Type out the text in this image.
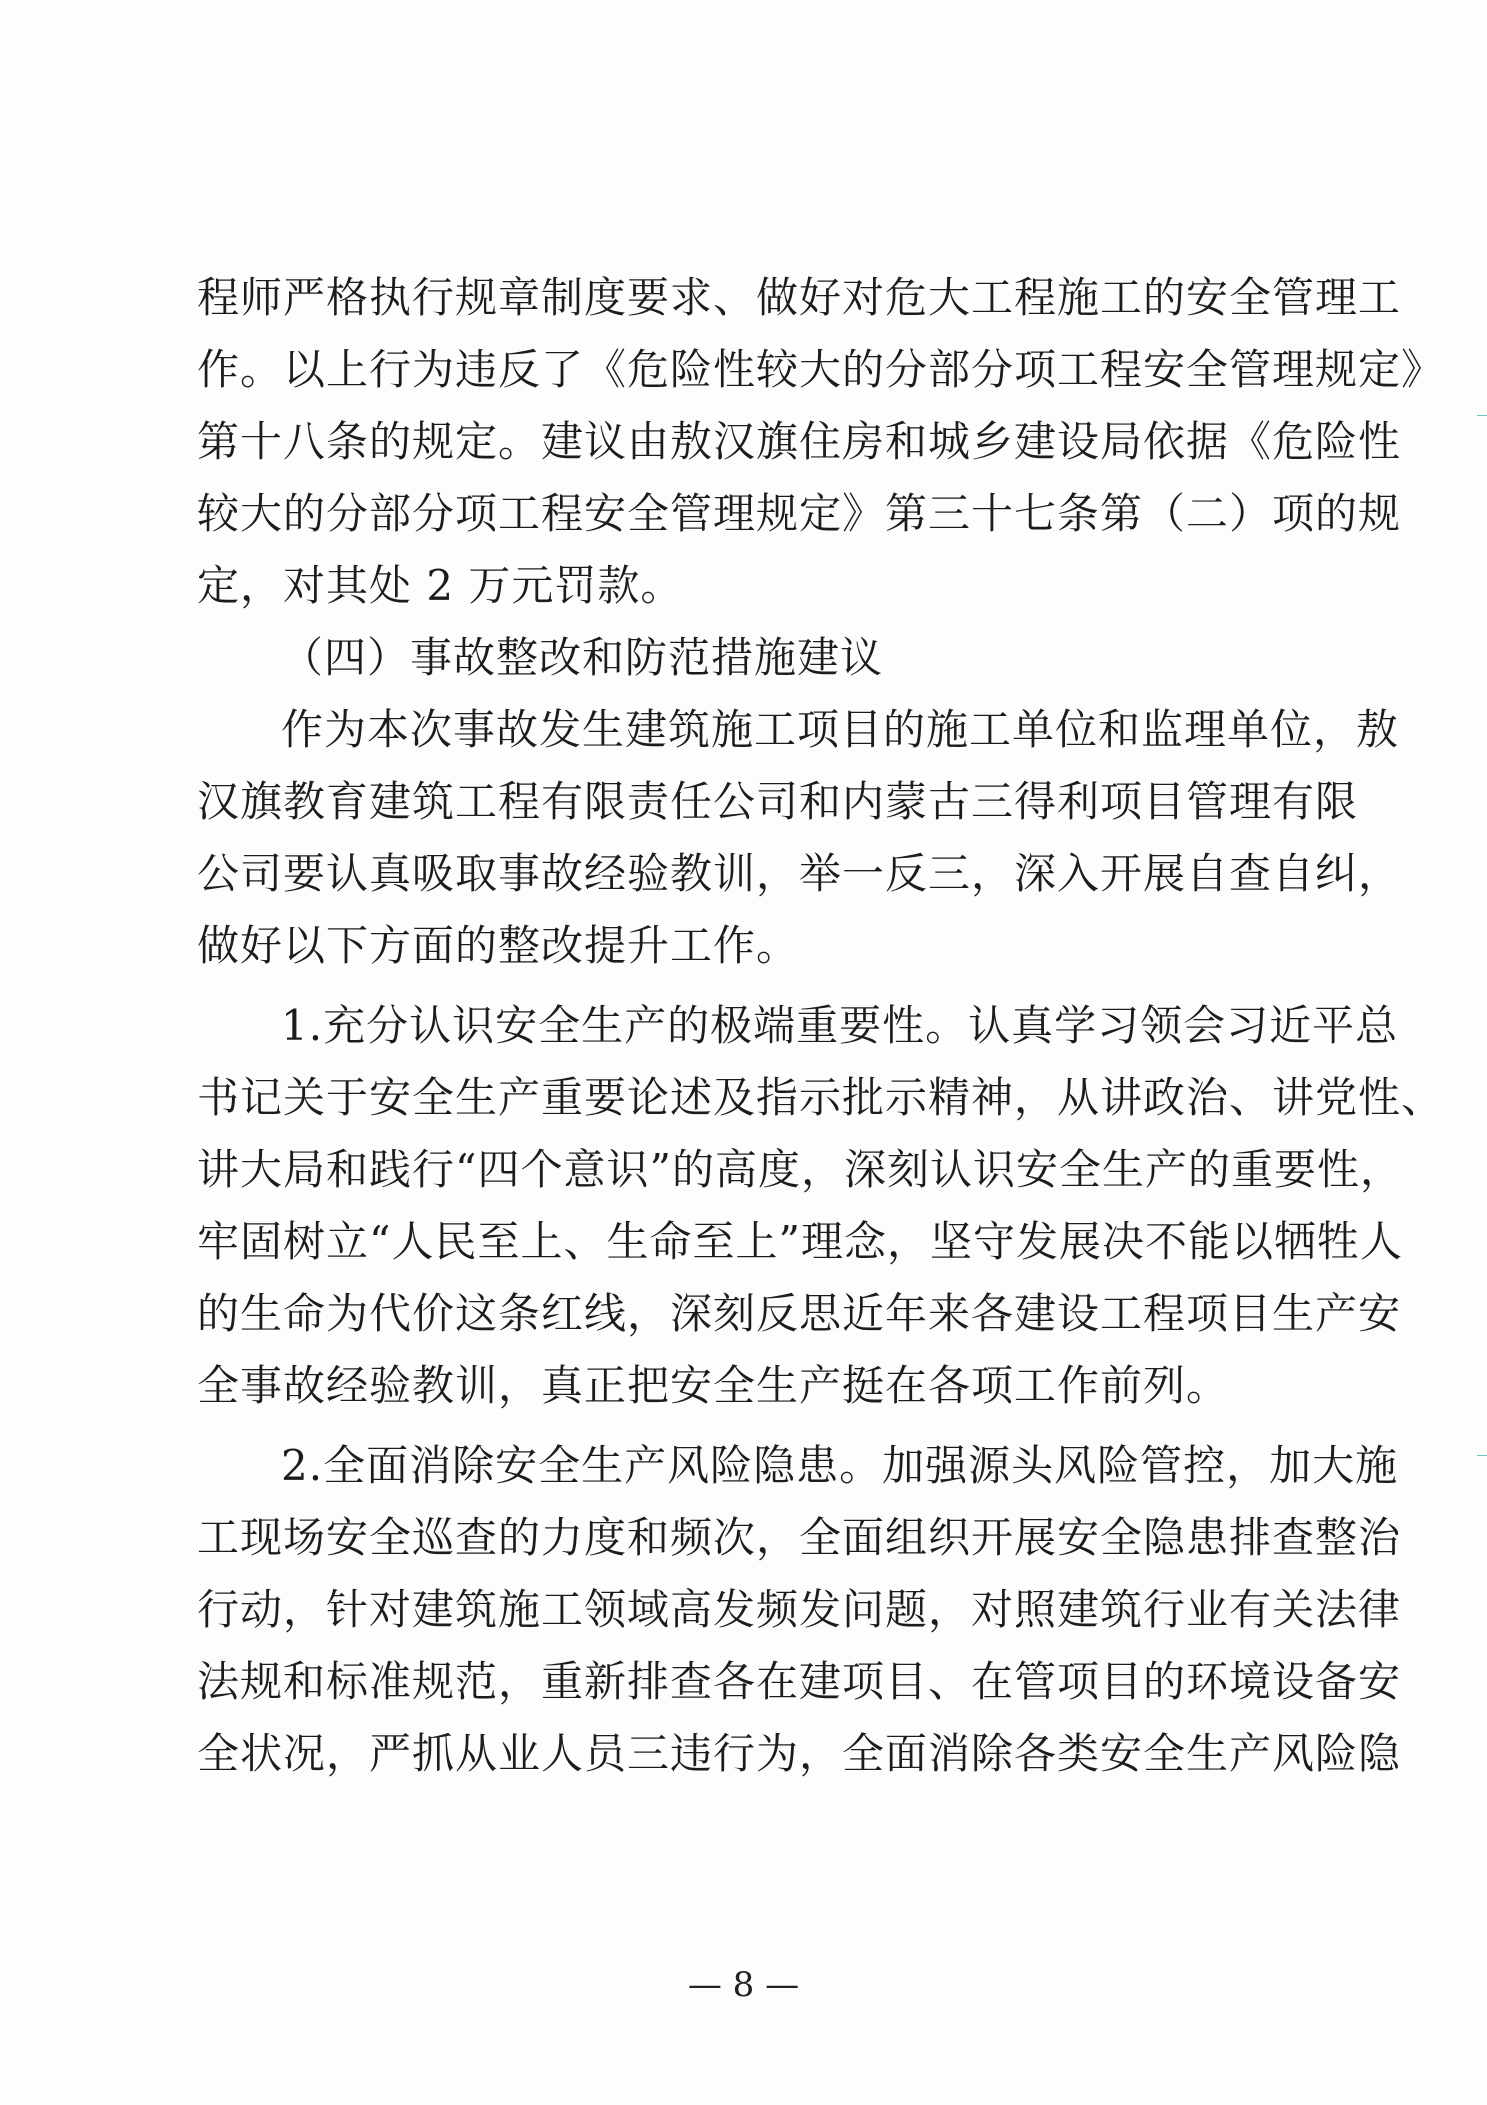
程师严格执行规章制度要求、做好对危大工程施工的安全管理工
作。以上行为违反了《危险性较大的分部分项工程安全管理规定》
第十八条的规定。建议由敖汉旗住房和城乡建设局依据《危险性
较大的分部分项工程安全管理规定》第三十七条第（二）项的规
定，对其处 2 万元罚款。
（四）事故整改和防范措施建议
作为本次事故发生建筑施工项目的施工单位和监理单位，敖
汉旗教育建筑工程有限责任公司和内蒙古三得利项目管理有限
公司要认真吸取事故经验教训，举一反三，深入开展自查自纠，
做好以下方面的整改提升工作。
1.充分认识安全生产的极端重要性。认真学习领会习近平总
书记关于安全生产重要论述及指示批示精神，从讲政治、讲党性、
讲大局和践行“四个意识”的高度，深刻认识安全生产的重要性，
牢固树立“人民至上、生命至上”理念，坚守发展决不能以牺牲人
的生命为代价这条红线，深刻反思近年来各建设工程项目生产安
全事故经验教训，真正把安全生产挺在各项工作前列。
2.全面消除安全生产风险隐患。加强源头风险管控，加大施
工现场安全巡查的力度和频次，全面组织开展安全隐患排查整治
行动，针对建筑施工领域高发频发问题，对照建筑行业有关法律
法规和标准规范，重新排查各在建项目、在管项目的环境设备安
全状况，严抓从业人员三违行为，全面消除各类安全生产风险隐
— 8 —
